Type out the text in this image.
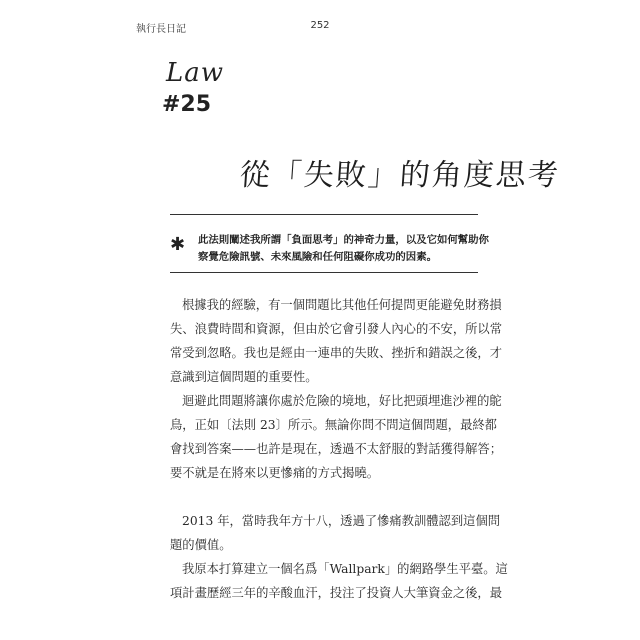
執行長日記	252
Law
#25
從「失敗」的角度思考
✱ 此法則闡述我所謂「負面思考」的神奇力量，以及它如何幫助你
察覺危險訊號、未來風險和任何阻礙你成功的因素。
根據我的經驗，有一個問題比其他任何提問更能避免財務損
失、浪費時間和資源，但由於它會引發人內心的不安，所以常
常受到忽略。我也是經由一連串的失敗、挫折和錯誤之後，才
意識到這個問題的重要性。
迴避此問題將讓你處於危險的境地，好比把頭埋進沙裡的鴕
鳥，正如〔法則 23〕所示。無論你問不問這個問題，最終都
會找到答案——也許是現在，透過不太舒服的對話獲得解答；
要不就是在將來以更慘痛的方式揭曉。
2013 年，當時我年方十八，透過了慘痛教訓體認到這個問
題的價值。
我原本打算建立一個名爲「Wallpark」的網路學生平臺。這
項計畫歷經三年的辛酸血汗，投注了投資人大筆資金之後，最
